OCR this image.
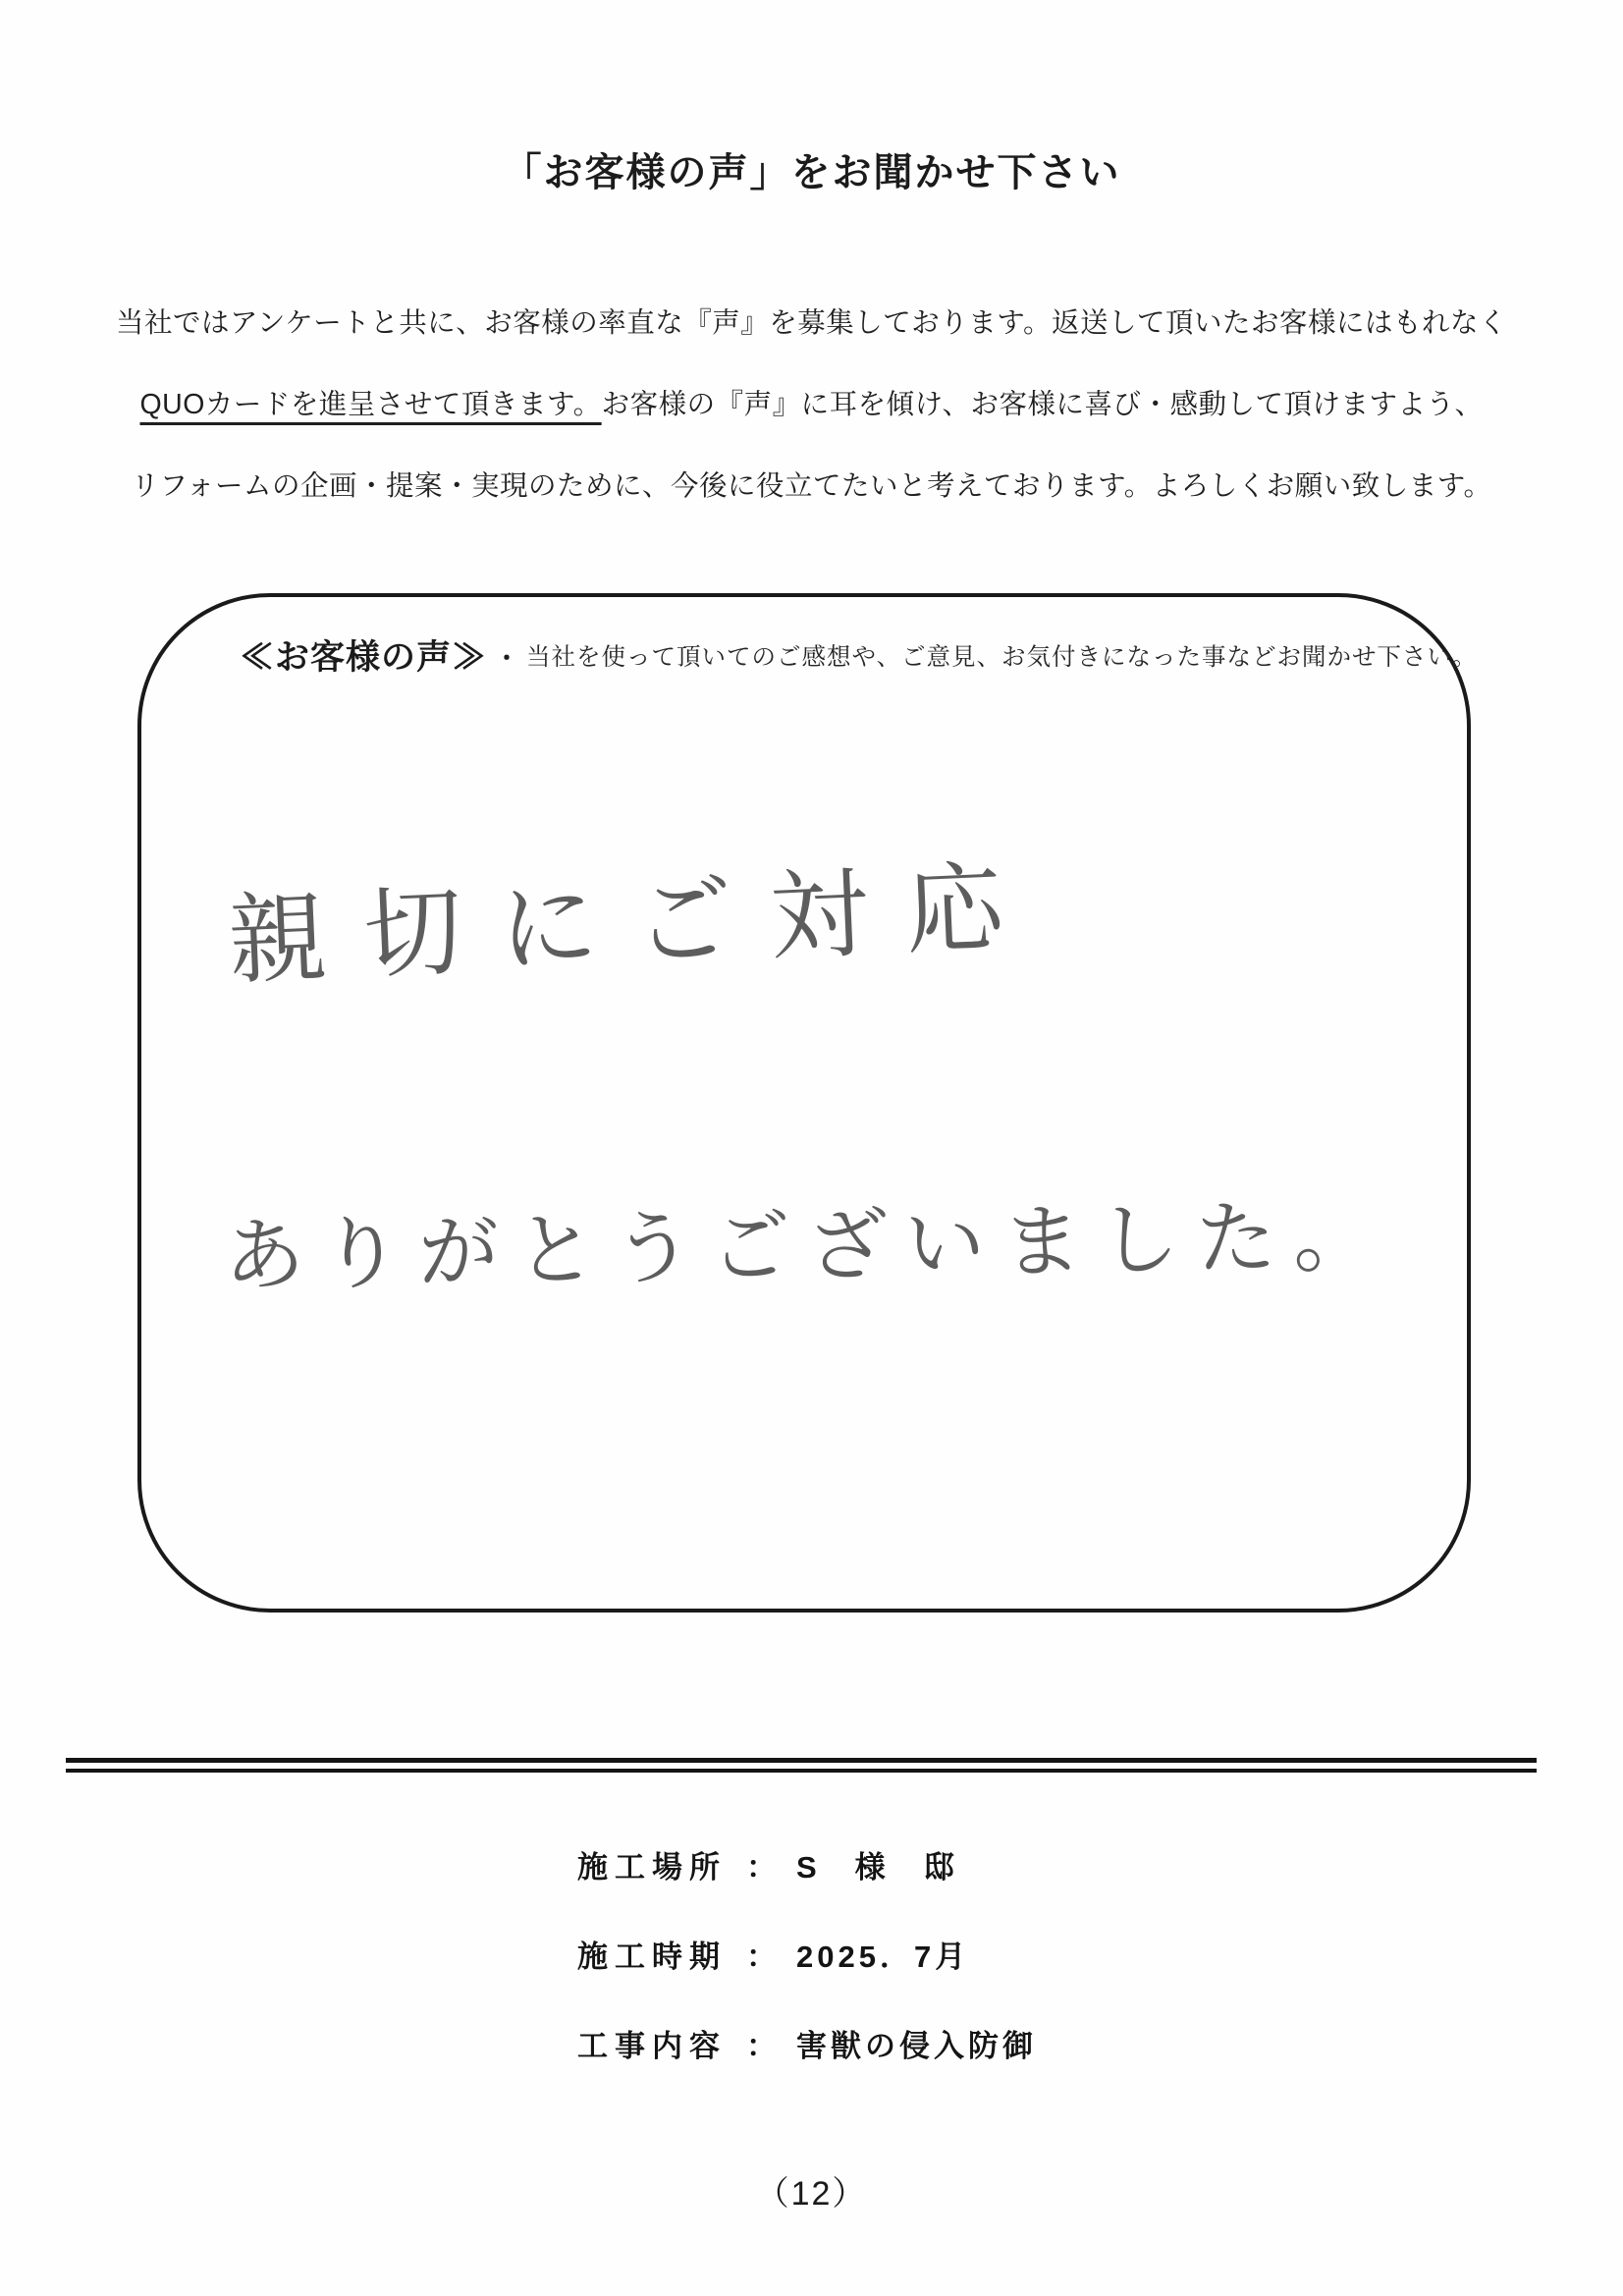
「お客様の声」をお聞かせ下さい
当社ではアンケートと共に、お客様の率直な『声』を募集しております。返送して頂いたお客様にはもれなく
QUOカードを進呈させて頂きます。お客様の『声』に耳を傾け、お客様に喜び・感動して頂けますよう、
リフォームの企画・提案・実現のために、今後に役立てたいと考えております。よろしくお願い致します。
≪お客様の声≫ ・ 当社を使って頂いてのご感想や、ご意見、お気付きになった事などお聞かせ下さい。
親切にご対応
ありがとうございました。
施工場所 ： S　様　邸
施工時期 ： 2025．7月
工事内容 ： 害獣の侵入防御
（12）
